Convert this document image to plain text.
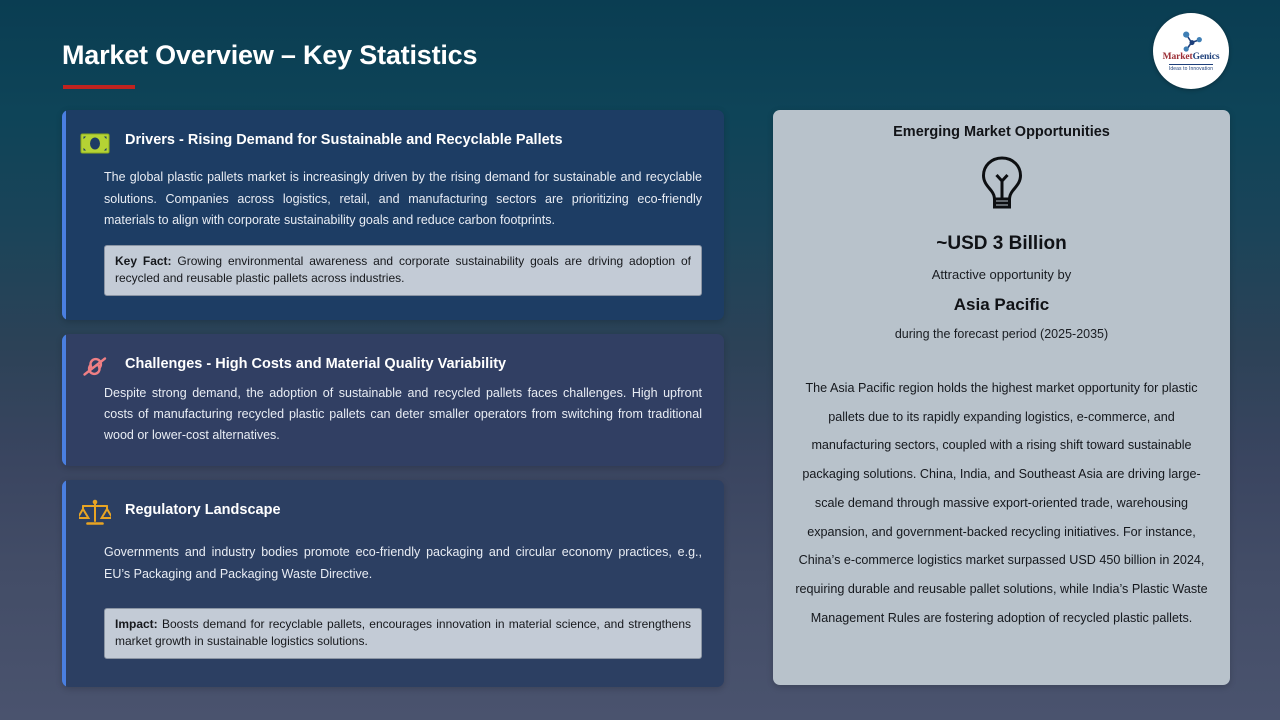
Market Overview – Key Statistics	MarketGenics
Ideas to Innovation
Drivers - Rising Demand for Sustainable and Recyclable Pallets
The global plastic pallets market is increasingly driven by the rising demand for sustainable and recyclable solutions. Companies across logistics, retail, and manufacturing sectors are prioritizing eco-friendly materials to align with corporate sustainability goals and reduce carbon footprints.
Key Fact: Growing environmental awareness and corporate sustainability goals are driving adoption of recycled and reusable plastic pallets across industries.
Challenges - High Costs and Material Quality Variability
Despite strong demand, the adoption of sustainable and recycled pallets faces challenges. High upfront costs of manufacturing recycled plastic pallets can deter smaller operators from switching from traditional wood or lower-cost alternatives.
Regulatory Landscape
Governments and industry bodies promote eco-friendly packaging and circular economy practices, e.g., EU’s Packaging and Packaging Waste Directive.
Impact: Boosts demand for recyclable pallets, encourages innovation in material science, and strengthens market growth in sustainable logistics solutions.
Emerging Market Opportunities
~USD 3 Billion
Attractive opportunity by
Asia Pacific
during the forecast period (2025-2035)
The Asia Pacific region holds the highest market opportunity for plastic pallets due to its rapidly expanding logistics, e-commerce, and manufacturing sectors, coupled with a rising shift toward sustainable packaging solutions. China, India, and Southeast Asia are driving large-scale demand through massive export-oriented trade, warehousing expansion, and government-backed recycling initiatives. For instance, China’s e-commerce logistics market surpassed USD 450 billion in 2024, requiring durable and reusable pallet solutions, while India’s Plastic Waste Management Rules are fostering adoption of recycled plastic pallets.
